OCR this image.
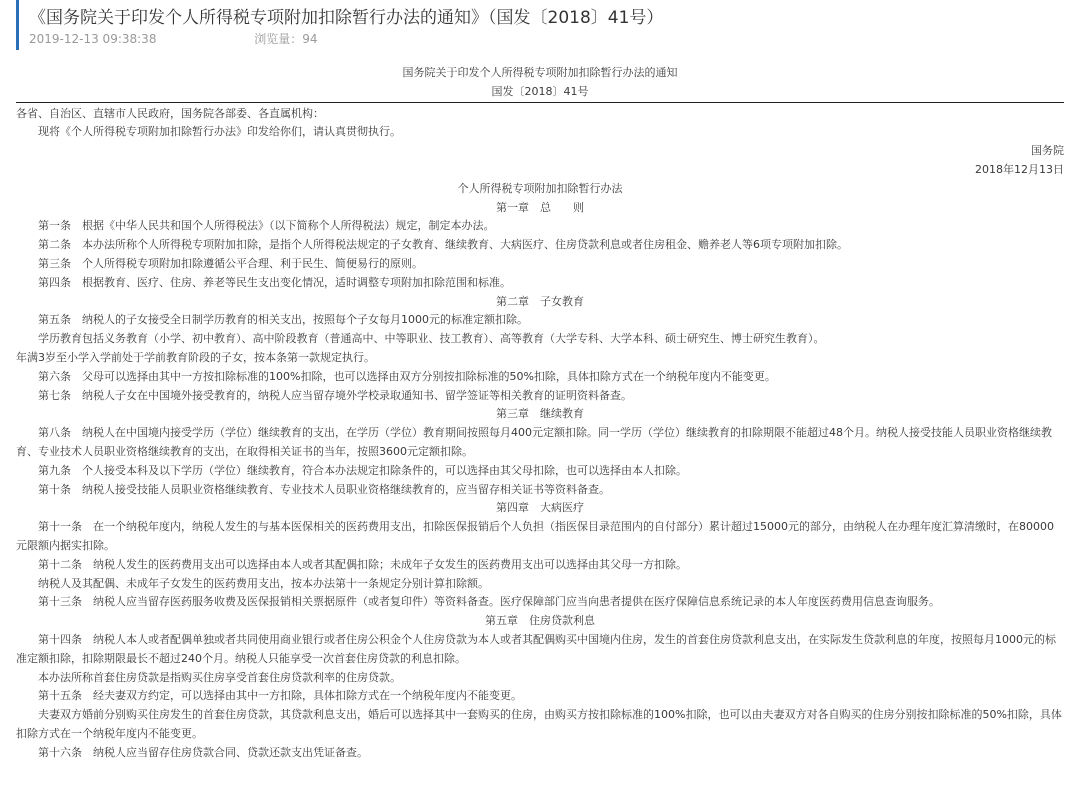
《国务院关于印发个人所得税专项附加扣除暂行办法的通知》（国发〔2018〕41号）
2019-12-13 09:38:38	浏览量：94

国务院关于印发个人所得税专项附加扣除暂行办法的通知

国发〔2018〕41号

各省、自治区、直辖市人民政府，国务院各部委、各直属机构：

现将《个人所得税专项附加扣除暂行办法》印发给你们，请认真贯彻执行。

国务院

2018年12月13日

个人所得税专项附加扣除暂行办法

第一章　总　　则

第一条　根据《中华人民共和国个人所得税法》（以下简称个人所得税法）规定，制定本办法。

第二条　本办法所称个人所得税专项附加扣除，是指个人所得税法规定的子女教育、继续教育、大病医疗、住房贷款利息或者住房租金、赡养老人等6项专项附加扣除。

第三条　个人所得税专项附加扣除遵循公平合理、利于民生、简便易行的原则。

第四条　根据教育、医疗、住房、养老等民生支出变化情况，适时调整专项附加扣除范围和标准。

第二章　子女教育

第五条　纳税人的子女接受全日制学历教育的相关支出，按照每个子女每月1000元的标准定额扣除。

学历教育包括义务教育（小学、初中教育）、高中阶段教育（普通高中、中等职业、技工教育）、高等教育（大学专科、大学本科、硕士研究生、博士研究生教育）。

年满3岁至小学入学前处于学前教育阶段的子女，按本条第一款规定执行。

第六条　父母可以选择由其中一方按扣除标准的100%扣除，也可以选择由双方分别按扣除标准的50%扣除，具体扣除方式在一个纳税年度内不能变更。

第七条　纳税人子女在中国境外接受教育的，纳税人应当留存境外学校录取通知书、留学签证等相关教育的证明资料备查。

第三章　继续教育

第八条　纳税人在中国境内接受学历（学位）继续教育的支出，在学历（学位）教育期间按照每月400元定额扣除。同一学历（学位）继续教育的扣除期限不能超过48个月。纳税人接受技能人员职业资格继续教育、专业技术人员职业资格继续教育的支出，在取得相关证书的当年，按照3600元定额扣除。

第九条　个人接受本科及以下学历（学位）继续教育，符合本办法规定扣除条件的，可以选择由其父母扣除，也可以选择由本人扣除。

第十条　纳税人接受技能人员职业资格继续教育、专业技术人员职业资格继续教育的，应当留存相关证书等资料备查。

第四章　大病医疗

第十一条　在一个纳税年度内，纳税人发生的与基本医保相关的医药费用支出，扣除医保报销后个人负担（指医保目录范围内的自付部分）累计超过15000元的部分，由纳税人在办理年度汇算清缴时，在80000元限额内据实扣除。

第十二条　纳税人发生的医药费用支出可以选择由本人或者其配偶扣除；未成年子女发生的医药费用支出可以选择由其父母一方扣除。

纳税人及其配偶、未成年子女发生的医药费用支出，按本办法第十一条规定分别计算扣除额。

第十三条　纳税人应当留存医药服务收费及医保报销相关票据原件（或者复印件）等资料备查。医疗保障部门应当向患者提供在医疗保障信息系统记录的本人年度医药费用信息查询服务。

第五章　住房贷款利息

第十四条　纳税人本人或者配偶单独或者共同使用商业银行或者住房公积金个人住房贷款为本人或者其配偶购买中国境内住房，发生的首套住房贷款利息支出，在实际发生贷款利息的年度，按照每月1000元的标准定额扣除，扣除期限最长不超过240个月。纳税人只能享受一次首套住房贷款的利息扣除。

本办法所称首套住房贷款是指购买住房享受首套住房贷款利率的住房贷款。

第十五条　经夫妻双方约定，可以选择由其中一方扣除，具体扣除方式在一个纳税年度内不能变更。

夫妻双方婚前分别购买住房发生的首套住房贷款，其贷款利息支出，婚后可以选择其中一套购买的住房，由购买方按扣除标准的100%扣除，也可以由夫妻双方对各自购买的住房分别按扣除标准的50%扣除，具体扣除方式在一个纳税年度内不能变更。

第十六条　纳税人应当留存住房贷款合同、贷款还款支出凭证备查。
